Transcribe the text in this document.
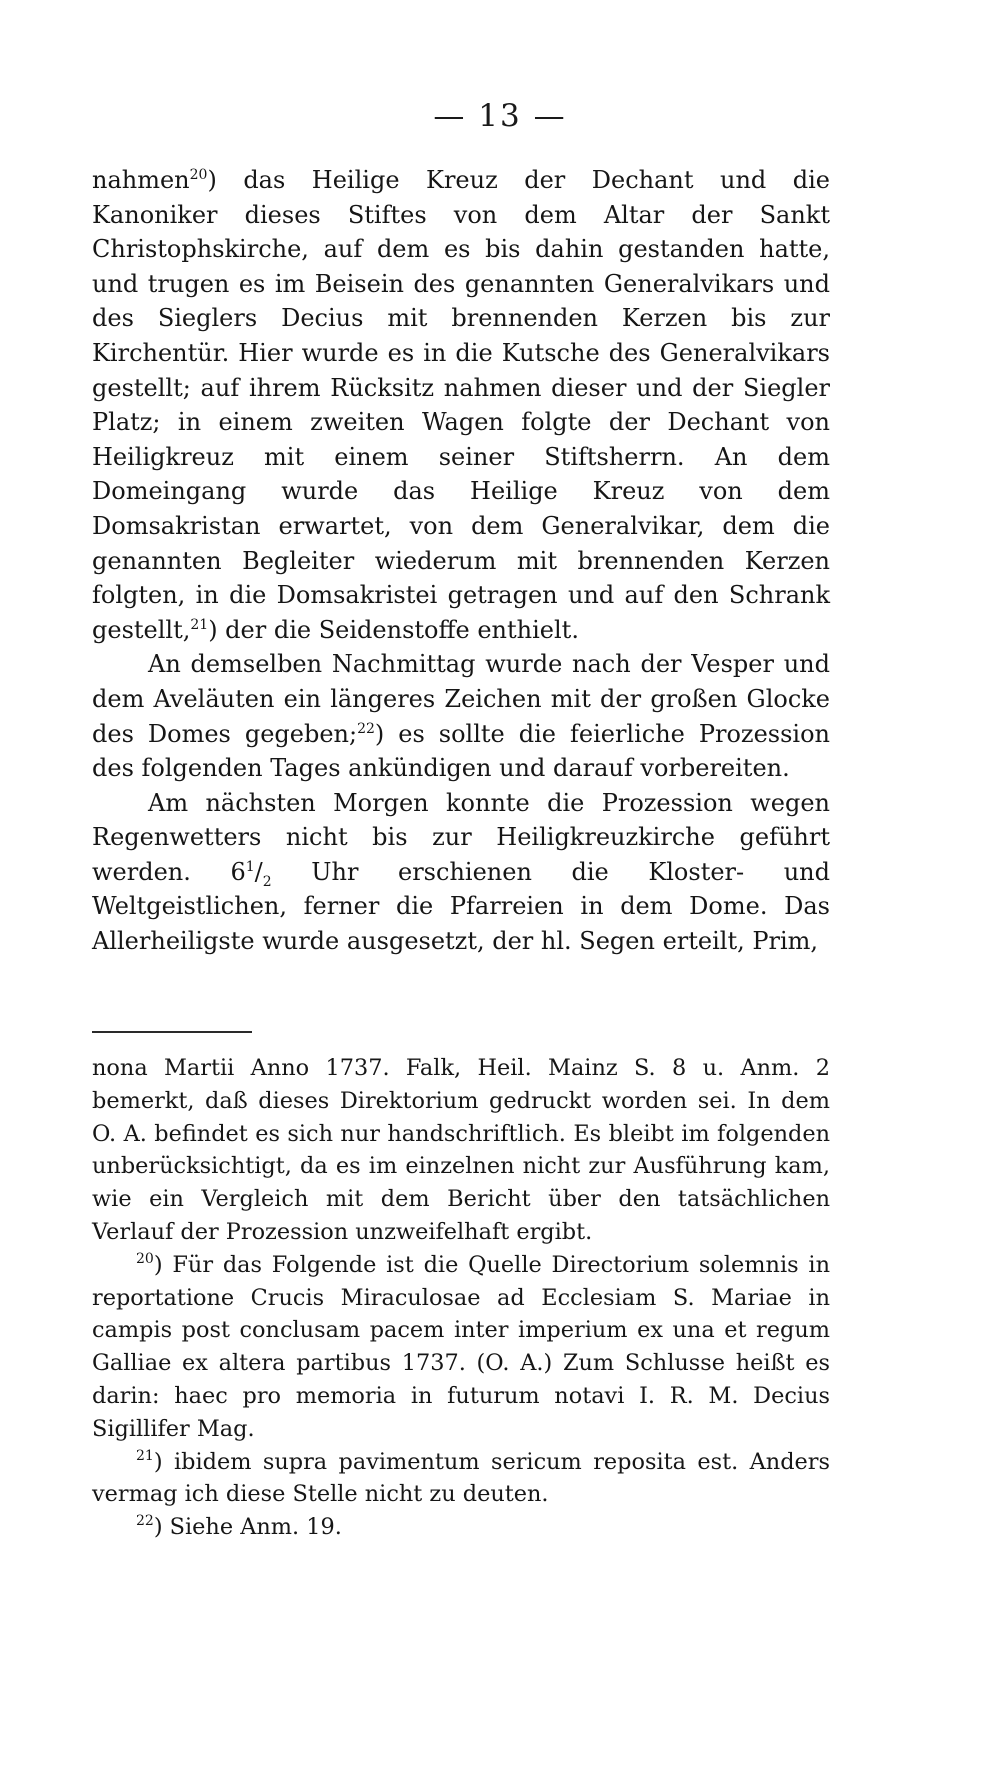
— 13 —

nahmen$^{20}$) das Heilige Kreuz der Dechant und die Kanoniker dieses Stiftes von dem Altar der Sankt Christophskirche, auf dem es bis dahin gestanden hatte, und trugen es im Beisein des genannten Generalvikars und des Sieglers Decius mit brennenden Kerzen bis zur Kirchentür. Hier wurde es in die Kutsche des Generalvikars gestellt; auf ihrem Rücksitz nahmen dieser und der Siegler Platz; in einem zweiten Wagen folgte der Dechant von Heiligkreuz mit einem seiner Stiftsherrn. An dem Domeingang wurde das Heilige Kreuz von dem Domsakristan erwartet, von dem Generalvikar, dem die genannten Begleiter wiederum mit brennenden Kerzen folgten, in die Domsakristei getragen und auf den Schrank gestellt,$^{21}$) der die Seidenstoffe enthielt.

An demselben Nachmittag wurde nach der Vesper und dem Aveläuten ein längeres Zeichen mit der großen Glocke des Domes gegeben;$^{22}$) es sollte die feierliche Prozession des folgenden Tages ankündigen und darauf vorbereiten.

Am nächsten Morgen konnte die Prozession wegen Regenwetters nicht bis zur Heiligkreuzkirche geführt werden. $6^1/_2$ Uhr erschienen die Kloster- und Weltgeistlichen, ferner die Pfarreien in dem Dome. Das Allerheiligste wurde ausgesetzt, der hl. Segen erteilt, Prim,

nona Martii Anno 1737. Falk, Heil. Mainz S. 8 u. Anm. 2 bemerkt, daß dieses Direktorium gedruckt worden sei. In dem O. A. befindet es sich nur handschriftlich. Es bleibt im folgenden unberücksichtigt, da es im einzelnen nicht zur Ausführung kam, wie ein Vergleich mit dem Bericht über den tatsächlichen Verlauf der Prozession unzweifelhaft ergibt.

$^{20}$) Für das Folgende ist die Quelle Directorium solemnis in reportatione Crucis Miraculosae ad Ecclesiam S. Mariae in campis post conclusam pacem inter imperium ex una et regum Galliae ex altera partibus 1737. (O. A.) Zum Schlusse heißt es darin: haec pro memoria in futurum notavi I. R. M. Decius Sigillifer Mag.

$^{21}$) ibidem supra pavimentum sericum reposita est. Anders vermag ich diese Stelle nicht zu deuten.

$^{22}$) Siehe Anm. 19.
